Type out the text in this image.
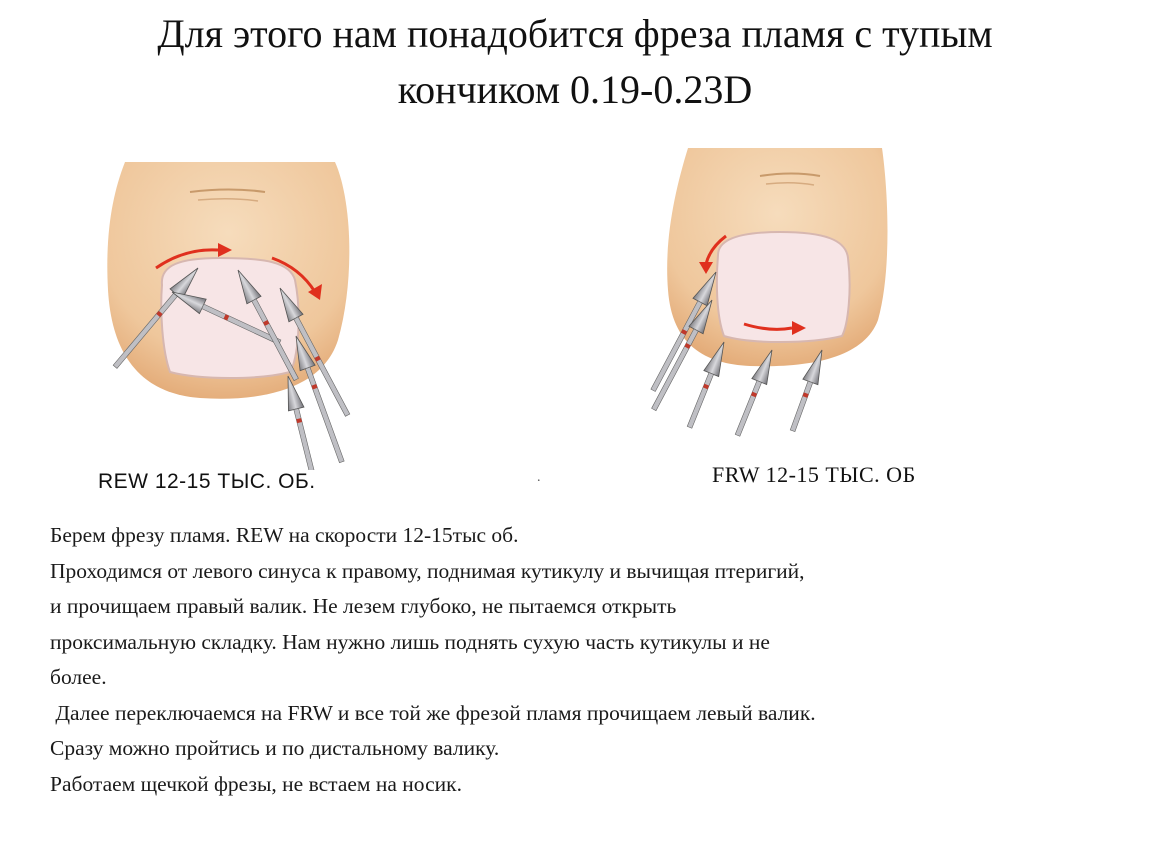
Для этого нам понадобится фреза пламя с тупым
кончиком 0.19-0.23D
REW 12-15 ТЫС. ОБ.	.	FRW 12-15 ТЫС. ОБ

Берем фрезу пламя. REW на скорости 12-15тыс об.

Проходимся от левого синуса к правому, поднимая кутикулу и вычищая птеригий,

и прочищаем правый валик. Не лезем глубоко, не пытаемся открыть

проксимальную складку. Нам нужно лишь поднять сухую часть кутикулы и не

более.

Далее переключаемся на FRW и все той же фрезой пламя прочищаем левый валик.

Сразу можно пройтись и по дистальному валику.

Работаем щечкой фрезы, не встаем на носик.
